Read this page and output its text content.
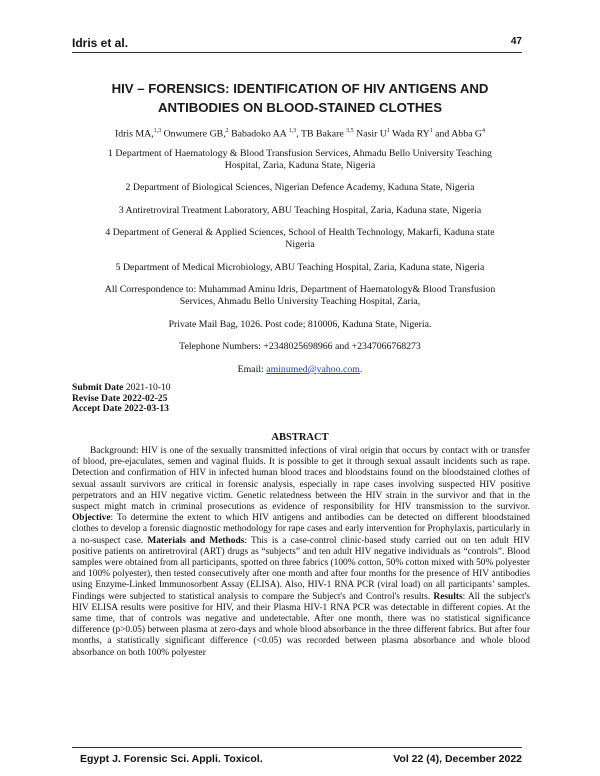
Idris et al.	47
HIV – FORENSICS: IDENTIFICATION OF HIV ANTIGENS AND
ANTIBODIES ON BLOOD-STAINED CLOTHES
Idris MA,$^{1,3}$ Onwumere GB,$^2$ Babadoko AA $^{1,3}$, TB Bakare $^{3,5}$ Nasir $U^1$ Wada $RY^1$ and Abba $G^4$
1 Department of Haematology & Blood Transfusion Services, Ahmadu Bello University Teaching
Hospital, Zaria, Kaduna State, Nigeria
2 Department of Biological Sciences, Nigerian Defence Academy, Kaduna State, Nigeria
3 Antiretroviral Treatment Laboratory, ABU Teaching Hospital, Zaria, Kaduna state, Nigeria
4 Department of General & Applied Sciences, School of Health Technology, Makarfi, Kaduna state
Nigeria
5 Department of Medical Microbiology, ABU Teaching Hospital, Zaria, Kaduna state, Nigeria
All Correspondence to: Muhammad Aminu Idris, Department of Haematology& Blood Transfusion
Services, Ahmadu Bello University Teaching Hospital, Zaria,
Private Mail Bag, 1026. Post code; 810006, Kaduna State, Nigeria.
Telephone Numbers: +2348025698966 and +2347066768273
Email: aminumed@yahoo.com.
Submit Date 2021-10-10
Revise Date 2022-02-25
Accept Date 2022-03-13
ABSTRACT

Background: HIV is one of the sexually transmitted infections of viral origin that occurs by contact with or transfer of blood, pre-ejaculates, semen and vaginal fluids. It is possible to get it through sexual assault incidents such as rape. Detection and confirmation of HIV in infected human blood traces and bloodstains found on the bloodstained clothes of sexual assault survivors are critical in forensic analysis, especially in rape cases involving suspected HIV positive perpetrators and an HIV negative victim. Genetic relatedness between the HIV strain in the survivor and that in the suspect might match in criminal prosecutions as evidence of responsibility for HIV transmission to the survivor. Objective: To determine the extent to which HIV antigens and antibodies can be detected on different bloodstained clothes to develop a forensic diagnostic methodology for rape cases and early intervention for Prophylaxis, particularly in a no-suspect case. Materials and Methods: This is a case-control clinic-based study carried out on ten adult HIV positive patients on antiretroviral (ART) drugs as “subjects” and ten adult HIV negative individuals as “controls”. Blood samples were obtained from all participants, spotted on three fabrics (100% cotton, 50% cotton mixed with 50% polyester and 100% polyester), then tested consecutively after one month and after four months for the presence of HIV antibodies using Enzyme-Linked Immunosorbent Assay (ELISA). Also, HIV-1 RNA PCR (viral load) on all participants’ samples. Findings were subjected to statistical analysis to compare the Subject's and Control's results. Results: All the subject's HIV ELISA results were positive for HIV, and their Plasma HIV-1 RNA PCR was detectable in different copies. At the same time, that of controls was negative and undetectable. After one month, there was no statistical significance difference (p>0.05) between plasma at zero-days and whole blood absorbance in the three different fabrics. But after four months, a statistically significant difference (<0.05) was recorded between plasma absorbance and whole blood absorbance on both 100% polyester

Egypt J. Forensic Sci. Appli. Toxicol.	Vol 22 (4), December 2022
